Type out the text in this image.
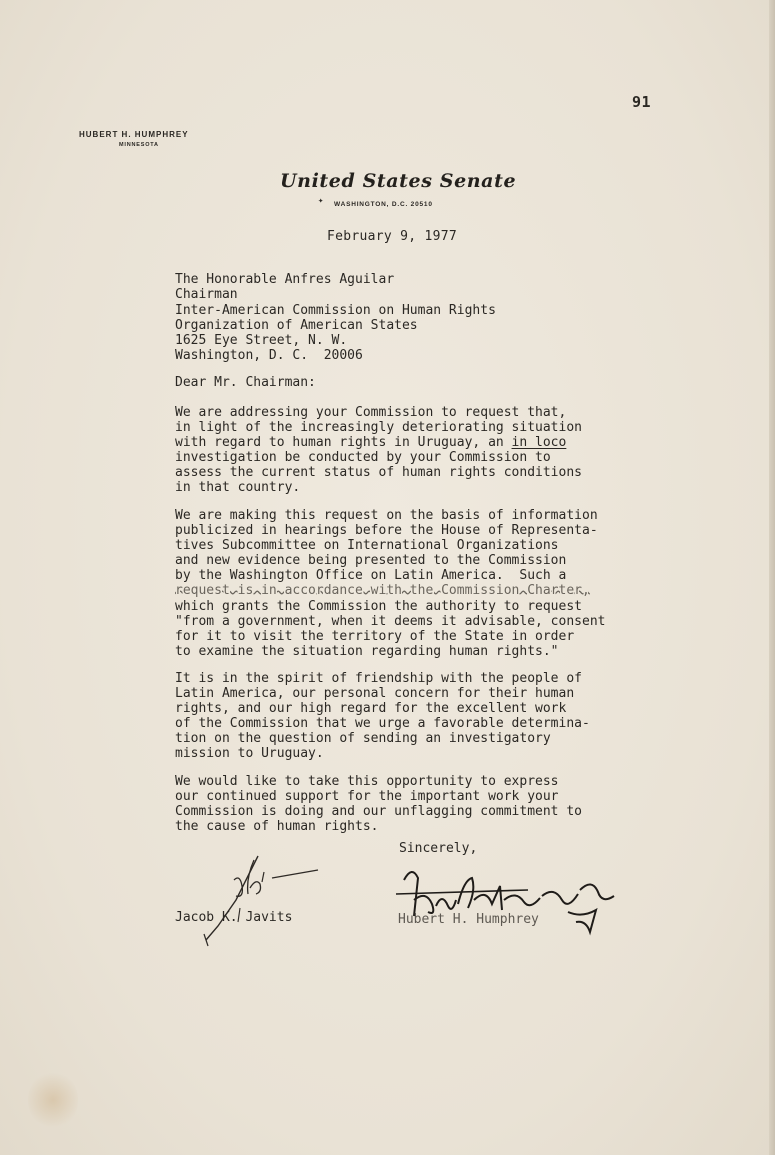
91
HUBERT H. HUMPHREY
MINNESOTA
United States Senate
✦ WASHINGTON, D.C. 20510
February 9, 1977
The Honorable Anfres Aguilar
Chairman
Inter-American Commission on Human Rights
Organization of American States
1625 Eye Street, N. W.
Washington, D. C.  20006
Dear Mr. Chairman:
We are addressing your Commission to request that,
in light of the increasingly deteriorating situation
with regard to human rights in Uruguay, an in loco
investigation be conducted by your Commission to
assess the current status of human rights conditions
in that country.
We are making this request on the basis of information
publicized in hearings before the House of Representa-
tives Subcommittee on International Organizations
and new evidence being presented to the Commission
by the Washington Office on Latin America.  Such a
request is in accordance with the Commission Charter,
which grants the Commission the authority to request
"from a government, when it deems it advisable, consent
for it to visit the territory of the State in order
to examine the situation regarding human rights."
It is in the spirit of friendship with the people of
Latin America, our personal concern for their human
rights, and our high regard for the excellent work
of the Commission that we urge a favorable determina-
tion on the question of sending an investigatory
mission to Uruguay.
We would like to take this opportunity to express
our continued support for the important work your
Commission is doing and our unflagging commitment to
the cause of human rights.
Sincerely,
Jacob K. Javits	Hubert H. Humphrey
